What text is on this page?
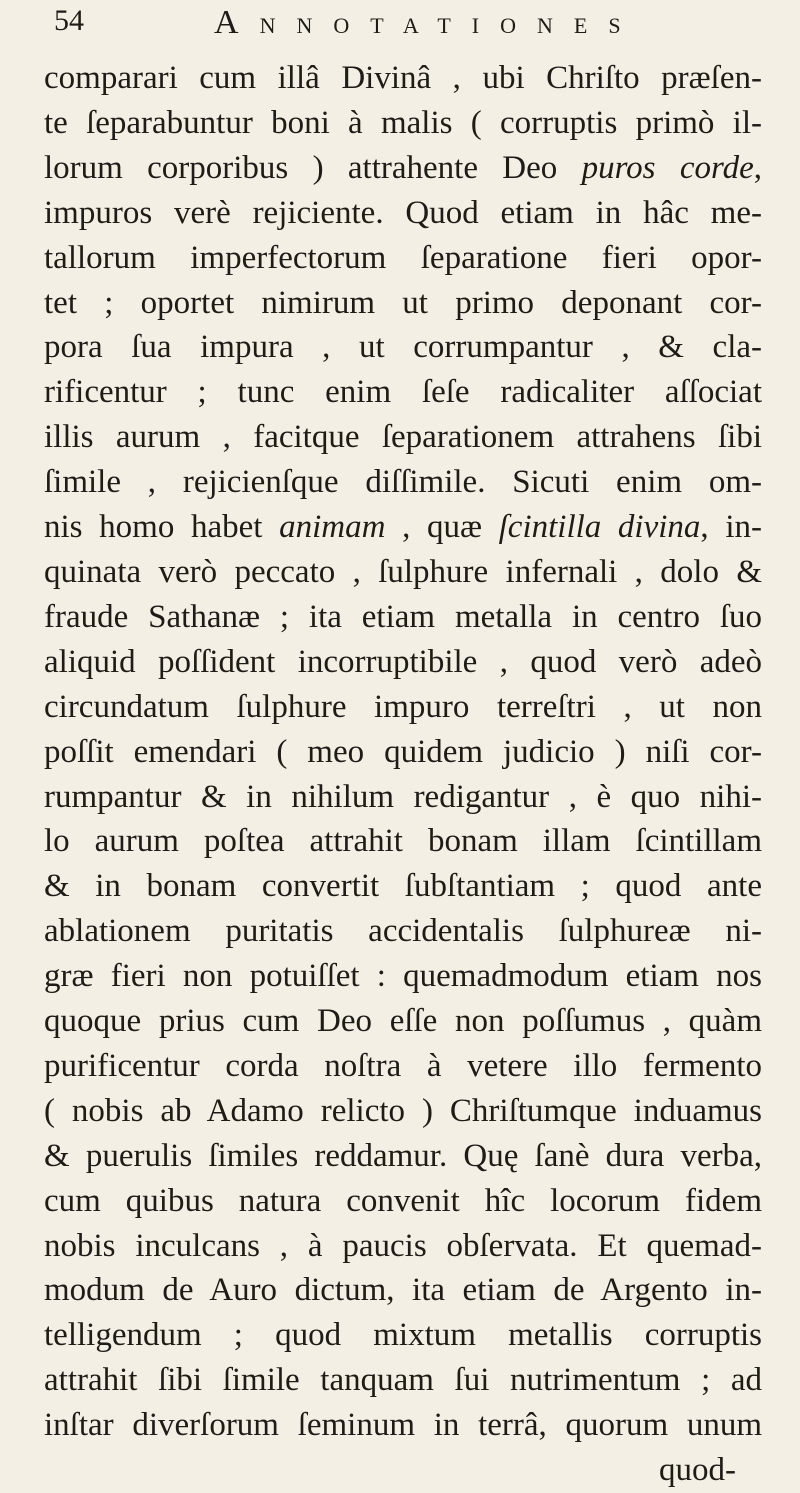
54	ANNOTATIONES
comparari cum illâ Divinâ , ubi Chriſto præſen-
te ſeparabuntur boni à malis ( corruptis primò il-
lorum corporibus ) attrahente Deo puros corde,
impuros verè rejiciente. Quod etiam in hâc me-
tallorum imperfectorum ſeparatione fieri opor-
tet ; oportet nimirum ut primo deponant cor-
pora ſua impura , ut corrumpantur , & cla-
rificentur ; tunc enim ſeſe radicaliter aſſociat
illis aurum , facitque ſeparationem attrahens ſibi
ſimile , rejicienſque diſſimile. Sicuti enim om-
nis homo habet animam , quæ ſcintilla divina, in-
quinata verò peccato , ſulphure infernali , dolo &
fraude Sathanæ ; ita etiam metalla in centro ſuo
aliquid poſſident incorruptibile , quod verò adeò
circundatum ſulphure impuro terreſtri , ut non
poſſit emendari ( meo quidem judicio ) niſi cor-
rumpantur & in nihilum redigantur , è quo nihi-
lo aurum poſtea attrahit bonam illam ſcintillam
& in bonam convertit ſubſtantiam ; quod ante
ablationem puritatis accidentalis ſulphureæ ni-
græ fieri non potuiſſet : quemadmodum etiam nos
quoque prius cum Deo eſſe non poſſumus , quàm
purificentur corda noſtra à vetere illo fermento
( nobis ab Adamo relicto ) Chriſtumque induamus
& puerulis ſimiles reddamur. Quę ſanè dura verba,
cum quibus natura convenit hîc locorum fidem
nobis inculcans , à paucis obſervata. Et quemad-
modum de Auro dictum, ita etiam de Argento in-
telligendum ; quod mixtum metallis corruptis
attrahit ſibi ſimile tanquam ſui nutrimentum ; ad
inſtar diverſorum ſeminum in terrâ, quorum unum
quod-
